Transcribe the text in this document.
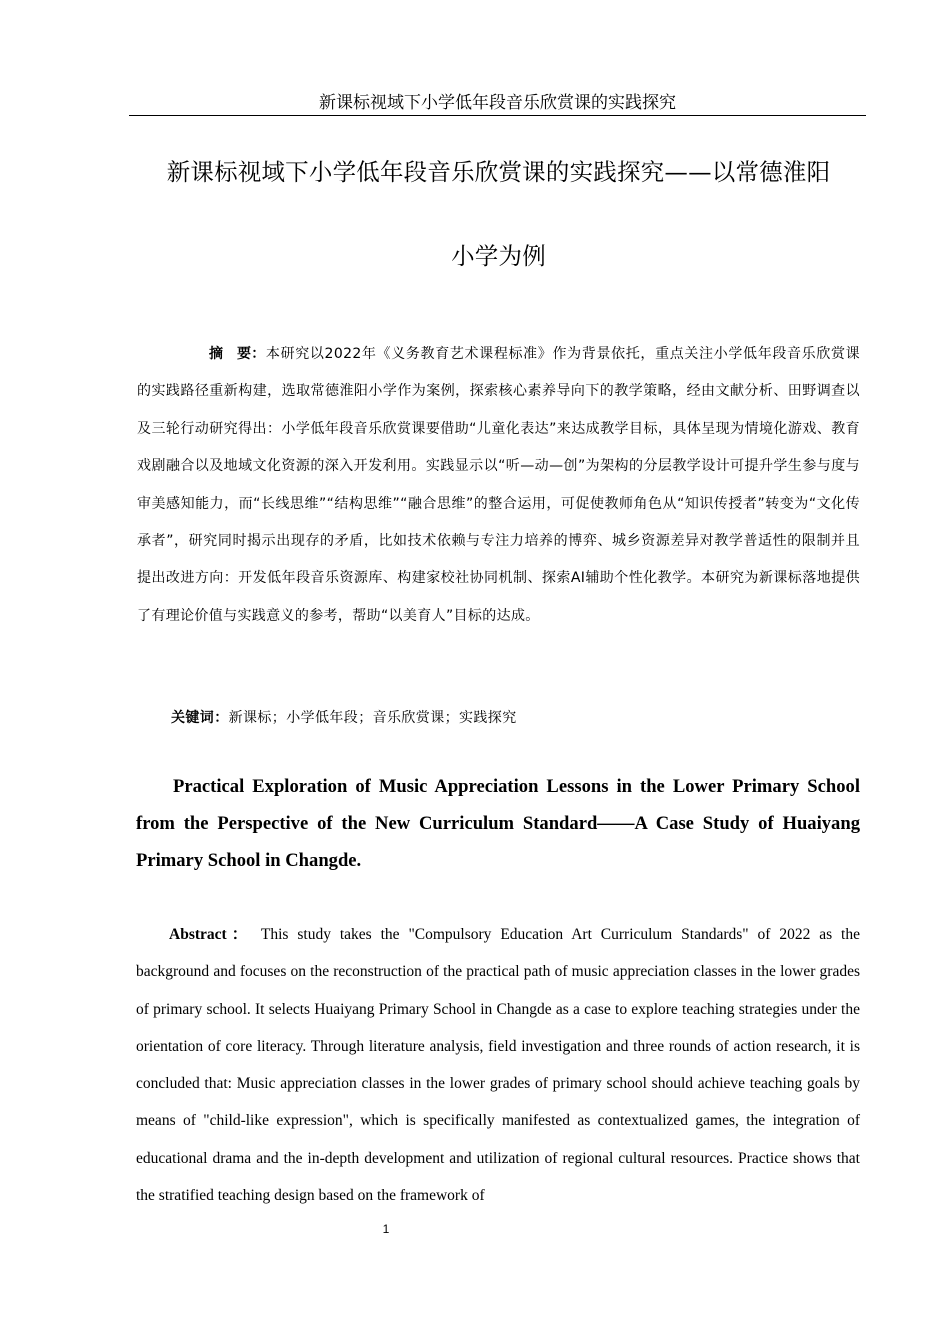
新课标视域下小学低年段音乐欣赏课的实践探究
新课标视域下小学低年段音乐欣赏课的实践探究——以常德淮阳
小学为例

摘 要：本研究以2022年《义务教育艺术课程标准》作为背景依托，重点关注小学低年段音乐欣赏课的实践路径重新构建，选取常德淮阳小学作为案例，探索核心素养导向下的教学策略，经由文献分析、田野调查以及三轮行动研究得出：小学低年段音乐欣赏课要借助“儿童化表达”来达成教学目标，具体呈现为情境化游戏、教育戏剧融合以及地域文化资源的深入开发利用。实践显示以“听—动—创”为架构的分层教学设计可提升学生参与度与审美感知能力，而“长线思维”“结构思维”“融合思维”的整合运用，可促使教师角色从“知识传授者”转变为“文化传承者”，研究同时揭示出现存的矛盾，比如技术依赖与专注力培养的博弈、城乡资源差异对教学普适性的限制并且提出改进方向：开发低年段音乐资源库、构建家校社协同机制、探索AI辅助个性化教学。本研究为新课标落地提供了有理论价值与实践意义的参考，帮助“以美育人”目标的达成。

关键词：新课标；小学低年段；音乐欣赏课；实践探究

Practical Exploration of Music Appreciation Lessons in the Lower Primary School from the Perspective of the New Curriculum Standard——A Case Study of Huaiyang Primary School in Changde.

Abstract： This study takes the "Compulsory Education Art Curriculum Standards" of 2022 as the background and focuses on the reconstruction of the practical path of music appreciation classes in the lower grades of primary school. It selects Huaiyang Primary School in Changde as a case to explore teaching strategies under the orientation of core literacy. Through literature analysis, field investigation and three rounds of action research, it is concluded that: Music appreciation classes in the lower grades of primary school should achieve teaching goals by means of "child-like expression", which is specifically manifested as contextualized games, the integration of educational drama and the in-depth development and utilization of regional cultural resources. Practice shows that the stratified teaching design based on the framework of

1
